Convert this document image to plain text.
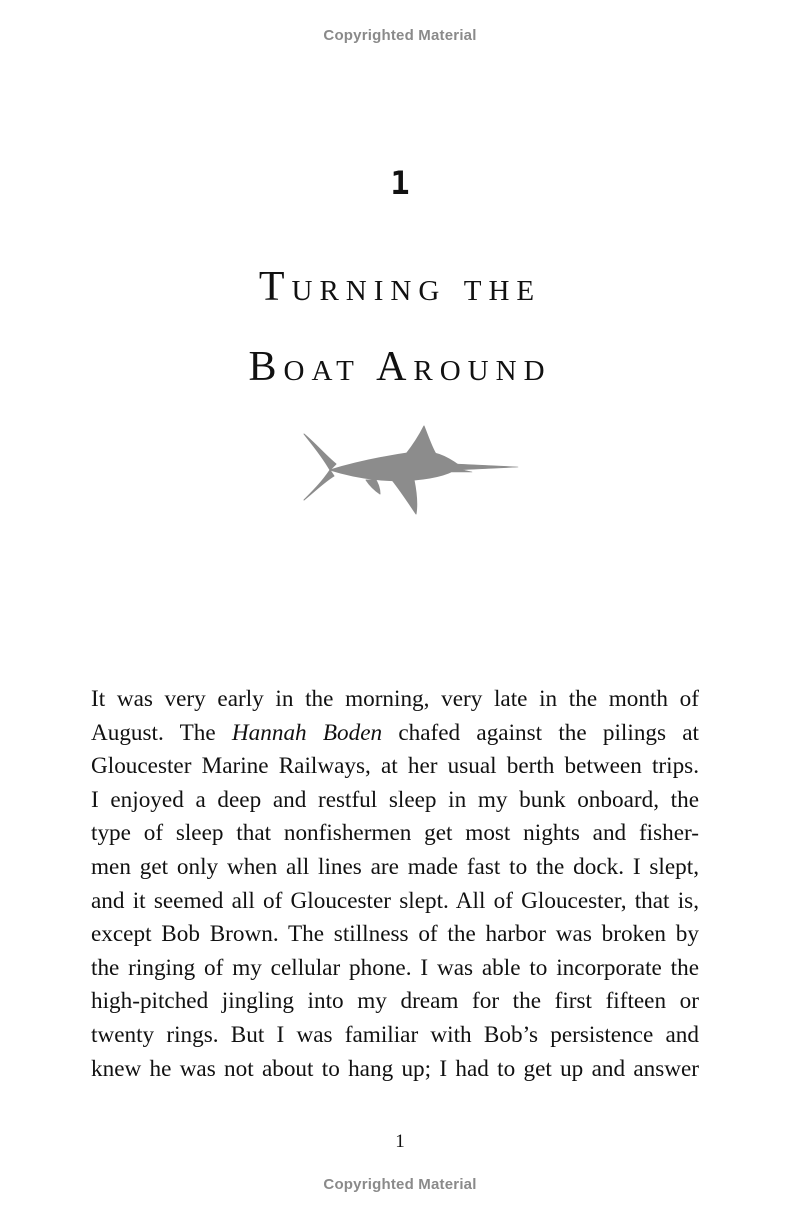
Copyrighted Material
1
Turning the
Boat Around
It was very early in the morning, very late in the month of
August. The Hannah Boden chafed against the pilings at
Gloucester Marine Railways, at her usual berth between trips.
I enjoyed a deep and restful sleep in my bunk onboard, the
type of sleep that nonfishermen get most nights and fisher-
men get only when all lines are made fast to the dock. I slept,
and it seemed all of Gloucester slept. All of Gloucester, that is,
except Bob Brown. The stillness of the harbor was broken by
the ringing of my cellular phone. I was able to incorporate the
high-pitched jingling into my dream for the first fifteen or
twenty rings. But I was familiar with Bob’s persistence and
knew he was not about to hang up; I had to get up and answer
1
Copyrighted Material
